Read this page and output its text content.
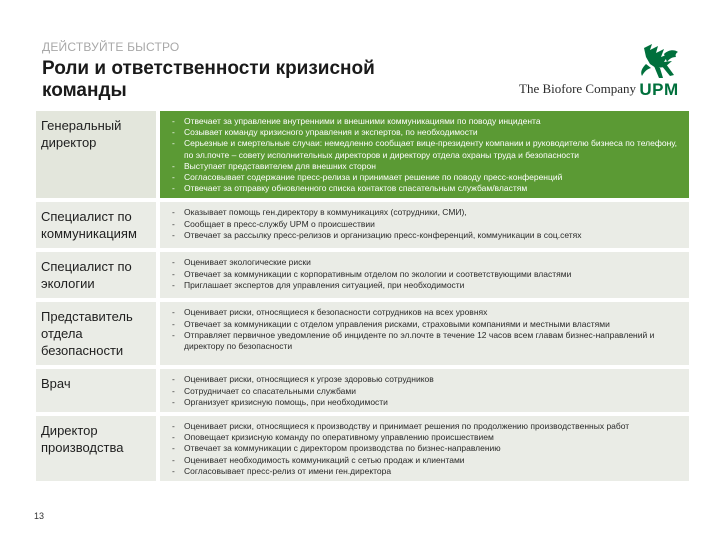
ДЕЙСТВУЙТЕ БЫСТРО
Роли и ответственности кризисной команды	The Biofore Company UPM
Генеральный директор
- Отвечает за управление внутренними и внешними коммуникациями по поводу инцидента
- Созывает команду кризисного управления и экспертов, по необходимости
- Серьезные и смертельные случаи: немедленно сообщает вице-президенту компании и руководителю бизнеса по телефону, по эл.почте – совету исполнительных директоров и директору отдела охраны труда и безопасности
- Выступает представителем для внешних сторон
- Согласовывает содержание пресс-релиза и принимает решение по поводу пресс-конференций
- Отвечает за отправку обновленного списка контактов спасательным службам/властям
Специалист по коммуникациям
- Оказывает помощь ген.директору в коммуникациях (сотрудники, СМИ),
- Сообщает в пресс-службу UPM о происшествии
- Отвечает за рассылку пресс-релизов и организацию пресс-конференций, коммуникации в соц.сетях
Специалист по экологии
- Оценивает экологические риски
- Отвечает за коммуникации с корпоративным отделом по экологии и соответствующими властями
- Приглашает экспертов для управления ситуацией, при необходимости
Представитель отдела безопасности
- Оценивает риски, относящиеся к безопасности сотрудников на всех уровнях
- Отвечает за коммуникации с отделом управления рисками, страховыми компаниями и местными властями
- Отправляет первичное уведомление об инциденте по эл.почте в течение 12 часов всем главам бизнес-направлений и директору по безопасности
Врач
-	Оценивает риски, относящиеся к угрозе здоровью сотрудников
- Сотрудничает со спасательными службами
- Организует кризисную помощь, при необходимости
Директор производства
- Оценивает риски, относящиеся к производству и принимает решения по продолжению производственных работ
- Оповещает кризисную команду по оперативному управлению происшествием
- Отвечает за коммуникации с директором производства по бизнес-направлению
- Оценивает необходимость коммуникаций с сетью продаж и клиентами
- Согласовывает пресс-релиз от имени ген.директора
13
